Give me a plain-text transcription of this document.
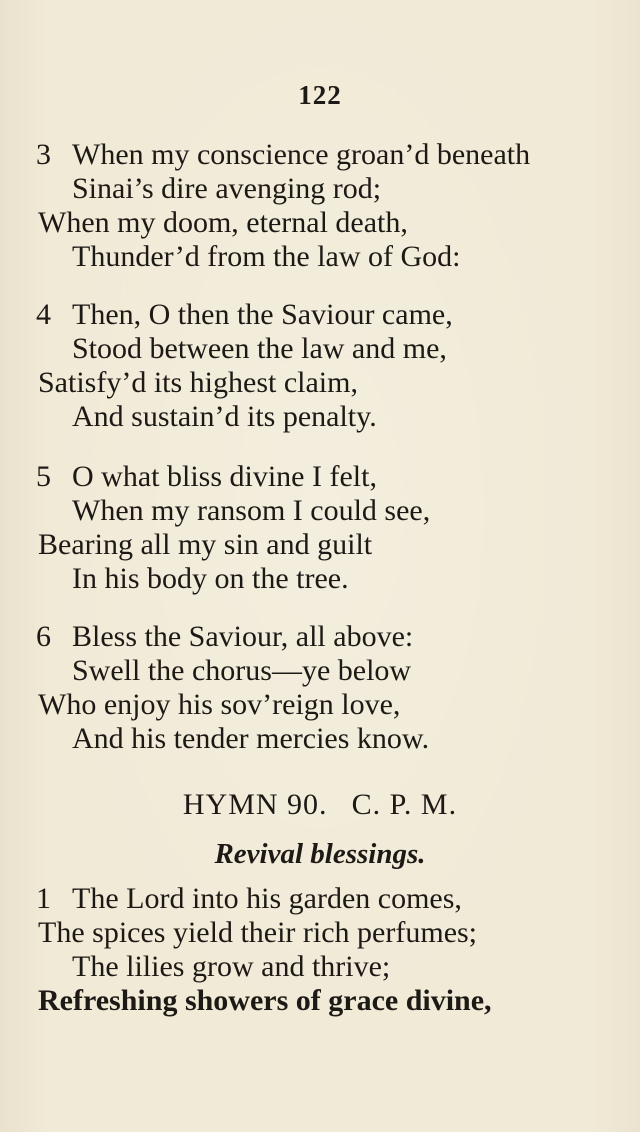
122
3 When my conscience groan’d beneath
Sinai’s dire avenging rod;
When my doom, eternal death,
Thunder’d from the law of God:
4 Then, O then the Saviour came,
Stood between the law and me,
Satisfy’d its highest claim,
And sustain’d its penalty.
5 O what bliss divine I felt,
When my ransom I could see,
Bearing all my sin and guilt
In his body on the tree.
6 Bless the Saviour, all above:
Swell the chorus—ye below
Who enjoy his sov’reign love,
And his tender mercies know.
HYMN 90. C. P. M.
Revival blessings.
1 The Lord into his garden comes,
The spices yield their rich perfumes;
The lilies grow and thrive;
Refreshing showers of grace divine,
